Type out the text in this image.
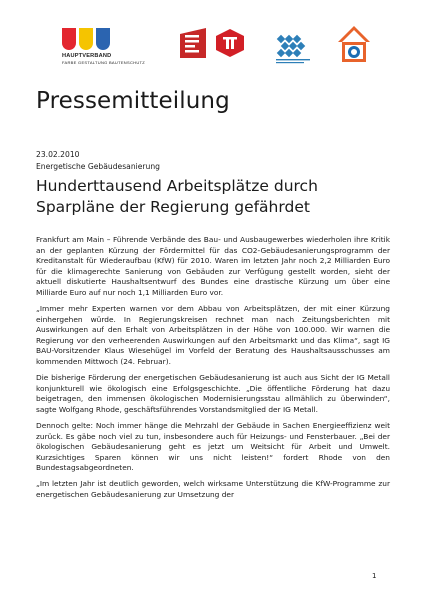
HAUPTVERBAND
FARBE GESTALTUNG BAUTENSCHUTZ
Pressemitteilung
23.02.2010
Energetische Gebäudesanierung
Hunderttausend Arbeitsplätze durch
Sparpläne der Regierung gefährdet

Frankfurt am Main – Führende Verbände des Bau- und Ausbaugewerbes wiederholen ihre Kritik an der geplanten Kürzung der Fördermittel für das CO2-Gebäudesanierungsprogramm der Kreditanstalt für Wiederaufbau (KfW) für 2010. Waren im letzten Jahr noch 2,2 Milliarden Euro für die klimagerechte Sanierung von Gebäuden zur Verfügung gestellt worden, sieht der aktuell diskutierte Haushaltsentwurf des Bundes eine drastische Kürzung um über eine Milliarde Euro auf nur noch 1,1 Milliarden Euro vor.

„Immer mehr Experten warnen vor dem Abbau von Arbeitsplätzen, der mit einer Kürzung einhergehen würde. In Regierungskreisen rechnet man nach Zeitungsberichten mit Auswirkungen auf den Erhalt von Arbeitsplätzen in der Höhe von 100.000. Wir warnen die Regierung vor den verheerenden Auswirkungen auf den Arbeitsmarkt und das Klima“, sagt IG BAU-Vorsitzender Klaus Wiesehügel im Vorfeld der Beratung des Haushaltsausschusses am kommenden Mittwoch (24. Februar).

Die bisherige Förderung der energetischen Gebäudesanierung ist auch aus Sicht der IG Metall konjunkturell wie ökologisch eine Erfolgsgeschichte. „Die öffentliche Förderung hat dazu beigetragen, den immensen ökologischen Modernisierungsstau allmählich zu überwinden“, sagte Wolfgang Rhode, geschäftsführendes Vorstandsmitglied der IG Metall.

Dennoch gelte: Noch immer hänge die Mehrzahl der Gebäude in Sachen Energieeffizienz weit zurück. Es gäbe noch viel zu tun, insbesondere auch für Heizungs- und Fensterbauer. „Bei der ökologischen Gebäudesanierung geht es jetzt um Weitsicht für Arbeit und Umwelt. Kurzsichtiges Sparen können wir uns nicht leisten!“ fordert Rhode von den Bundestagsabgeordneten.

„Im letzten Jahr ist deutlich geworden, welch wirksame Unterstützung die KfW-Programme zur energetischen Gebäudesanierung zur Umsetzung der

1
